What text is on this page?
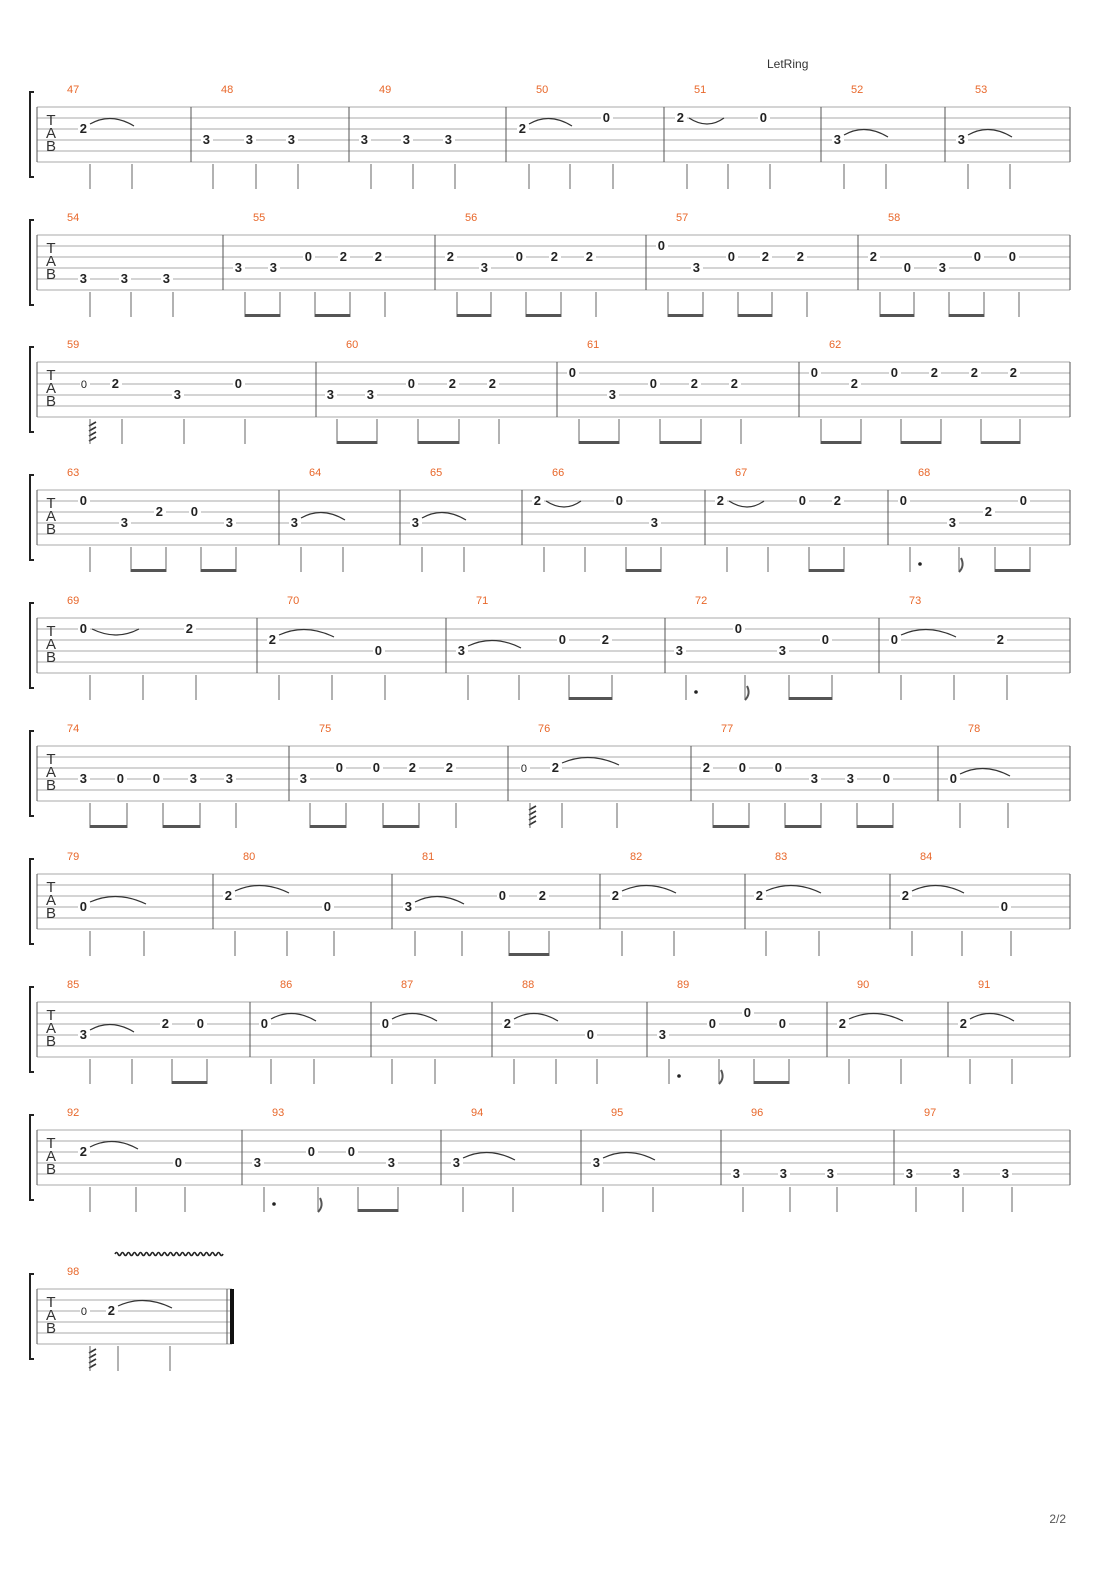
LetRing
T
A
B
47
2
48
3	3	3
49
3	3	3
50
2
0
51
2	0
52
3
53
3
T
A
B
54
3	3	3
55
3 3
0 2 2
56
2
3
0 2 2
57
0
3
0 2 2
58
2
0 3
0 0
T
A
B
59
0 2
3
0
60
3	3
0	2	2
61
0
3
0	2	2
62
0
2
0	2	2 2
T
A
B
63
0
3
2 0
3
64
3
65
3
66
2	0
3
67
2	0 2
68
0
3
2
0
T
A
B
69
0	2
70
2
0
71
3
0	2
72
3
0
3
0
73
0	2
T
A
B
74
3 0 0 3 3
75
3
0 0 2 2
76
0 2
77
2 0 0
3 3 0
78
0
T
A
B
79
0
80
2
0
81
3
0	2
82
2
83
2
84
2
0
T
A
B
85
3
2 0
86
0
87
0
88
2
0
89
3
0
0
0
90
2
91
2
T
A
B
92
2
0
93
3
0	0
3
94
3
95
3
96
3	3	3
97
3	3	3
T
A
B
98
0 2
2/2
